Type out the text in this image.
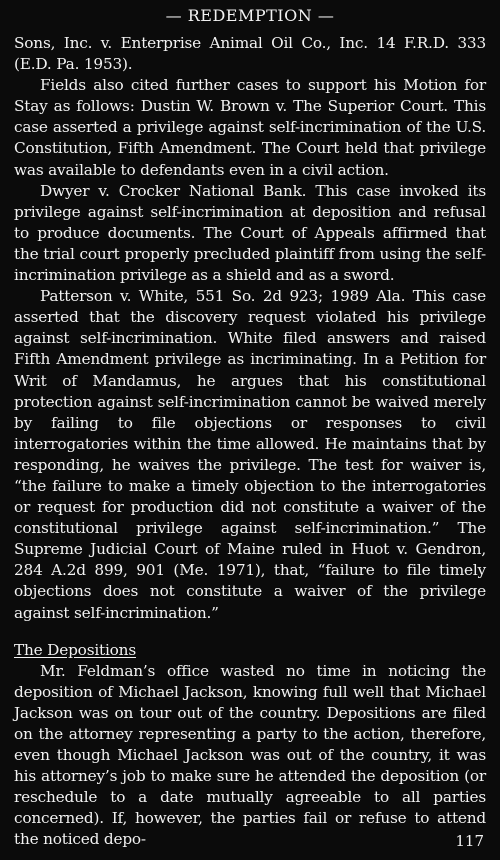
— REDEMPTION —

Sons, Inc. v. Enterprise Animal Oil Co., Inc. 14 F.R.D. 333 (E.D. Pa. 1953).

Fields also cited further cases to support his Motion for Stay as follows: Dustin W. Brown v. The Superior Court. This case asserted a privilege against self-incrimination of the U.S. Constitution, Fifth Amendment. The Court held that privilege was available to defendants even in a civil action.

Dwyer v. Crocker National Bank. This case invoked its privilege against self-incrimination at deposition and refusal to produce documents. The Court of Appeals affirmed that the trial court properly precluded plaintiff from using the self-incrimination privilege as a shield and as a sword.

Patterson v. White, 551 So. 2d 923; 1989 Ala. This case asserted that the discovery request violated his privilege against self-incrimination. White filed answers and raised Fifth Amendment privilege as incriminating. In a Petition for Writ of Mandamus, he argues that his constitutional protection against self-incrimination cannot be waived merely by failing to file objections or responses to civil interrogatories within the time allowed. He maintains that by responding, he waives the privilege. The test for waiver is, “the failure to make a timely objection to the interrogatories or request for production did not constitute a waiver of the constitutional privilege against self-incrimination.” The Supreme Judicial Court of Maine ruled in Huot v. Gendron, 284 A.2d 899, 901 (Me. 1971), that, “failure to file timely objections does not constitute a waiver of the privilege against self-incrimination.”

The Depositions

Mr. Feldman’s office wasted no time in noticing the deposition of Michael Jackson, knowing full well that Michael Jackson was on tour out of the country. Depositions are filed on the attorney representing a party to the action, therefore, even though Michael Jackson was out of the country, it was his attorney’s job to make sure he attended the deposition (or reschedule to a date mutually agreeable to all parties concerned). If, however, the parties fail or refuse to attend the noticed depo-	117
